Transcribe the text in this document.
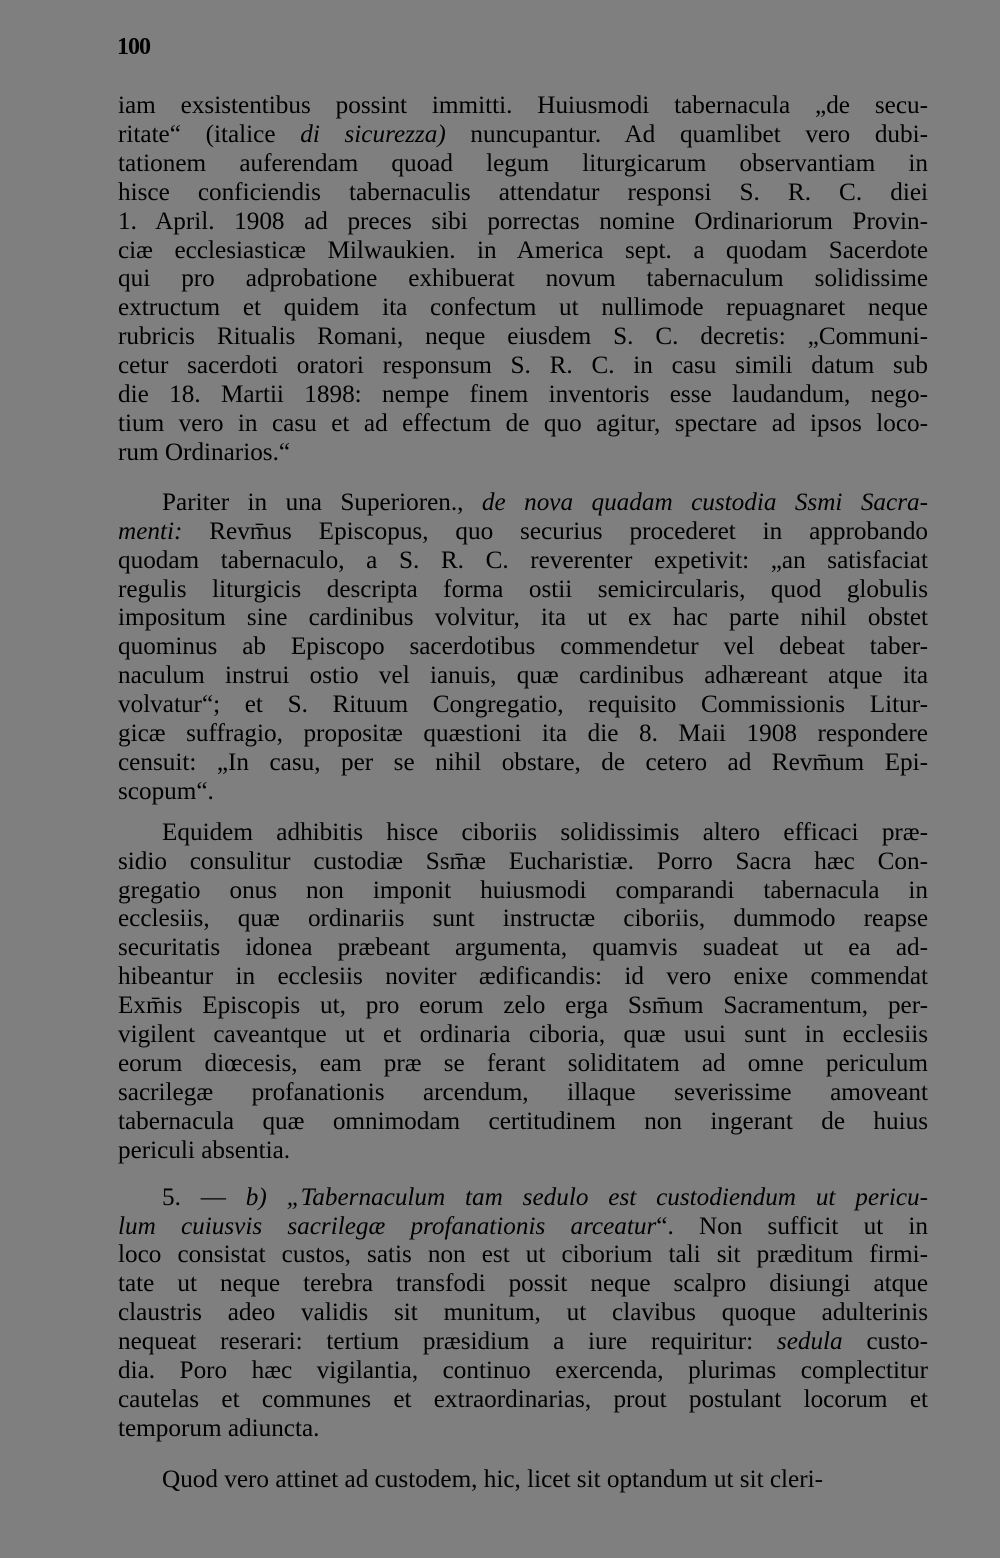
100

iam exsistentibus possint immitti. Huiusmodi tabernacula „de secu-
ritate“ (italice di sicurezza) nuncupantur. Ad quamlibet vero dubi-
tationem auferendam quoad legum liturgicarum observantiam in
hisce conficiendis tabernaculis attendatur responsi S. R. C. diei
1. April. 1908 ad preces sibi porrectas nomine Ordinariorum Provin-
ciæ ecclesiasticæ Milwaukien. in America sept. a quodam Sacerdote
qui pro adprobatione exhibuerat novum tabernaculum solidissime
extructum et quidem ita confectum ut nullimode repuagnaret neque
rubricis Ritualis Romani, neque eiusdem S. C. decretis: „Communi-
cetur sacerdoti oratori responsum S. R. C. in casu simili datum sub
die 18. Martii 1898: nempe finem inventoris esse laudandum, nego-
tium vero in casu et ad effectum de quo agitur, spectare ad ipsos loco-
rum Ordinarios.“

Pariter in una Superioren., de nova quadam custodia Ssmi Sacra-
menti: Revm̄us Episcopus, quo securius procederet in approbando
quodam tabernaculo, a S. R. C. reverenter expetivit: „an satisfaciat
regulis liturgicis descripta forma ostii semicircularis, quod globulis
impositum sine cardinibus volvitur, ita ut ex hac parte nihil obstet
quominus ab Episcopo sacerdotibus commendetur vel debeat taber-
naculum instrui ostio vel ianuis, quæ cardinibus adhæreant atque ita
volvatur“; et S. Rituum Congregatio, requisito Commissionis Litur-
gicæ suffragio, propositæ quæstioni ita die 8. Maii 1908 respondere
censuit: „In casu, per se nihil obstare, de cetero ad Revm̄um Epi-
scopum“.

Equidem adhibitis hisce ciboriis solidissimis altero efficaci præ-
sidio consulitur custodiæ Ssm̄æ Eucharistiæ. Porro Sacra hæc Con-
gregatio onus non imponit huiusmodi comparandi tabernacula in
ecclesiis, quæ ordinariis sunt instructæ ciboriis, dummodo reapse
securitatis idonea præbeant argumenta, quamvis suadeat ut ea ad-
hibeantur in ecclesiis noviter ædificandis: id vero enixe commendat
Exm̄is Episcopis ut, pro eorum zelo erga Ssm̄um Sacramentum, per-
vigilent caveantque ut et ordinaria ciboria, quæ usui sunt in ecclesiis
eorum diœcesis, eam præ se ferant soliditatem ad omne periculum
sacrilegæ profanationis arcendum, illaque severissime amoveant
tabernacula quæ omnimodam certitudinem non ingerant de huius
periculi absentia.

5. — b) „Tabernaculum tam sedulo est custodiendum ut pericu-
lum cuiusvis sacrilegæ profanationis arceatur“. Non sufficit ut in
loco consistat custos, satis non est ut ciborium tali sit præditum firmi-
tate ut neque terebra transfodi possit neque scalpro disiungi atque
claustris adeo validis sit munitum, ut clavibus quoque adulterinis
nequeat reserari: tertium præsidium a iure requiritur: sedula custo-
dia. Poro hæc vigilantia, continuo exercenda, plurimas complectitur
cautelas et communes et extraordinarias, prout postulant locorum et
temporum adiuncta.

Quod vero attinet ad custodem, hic, licet sit optandum ut sit cleri-
